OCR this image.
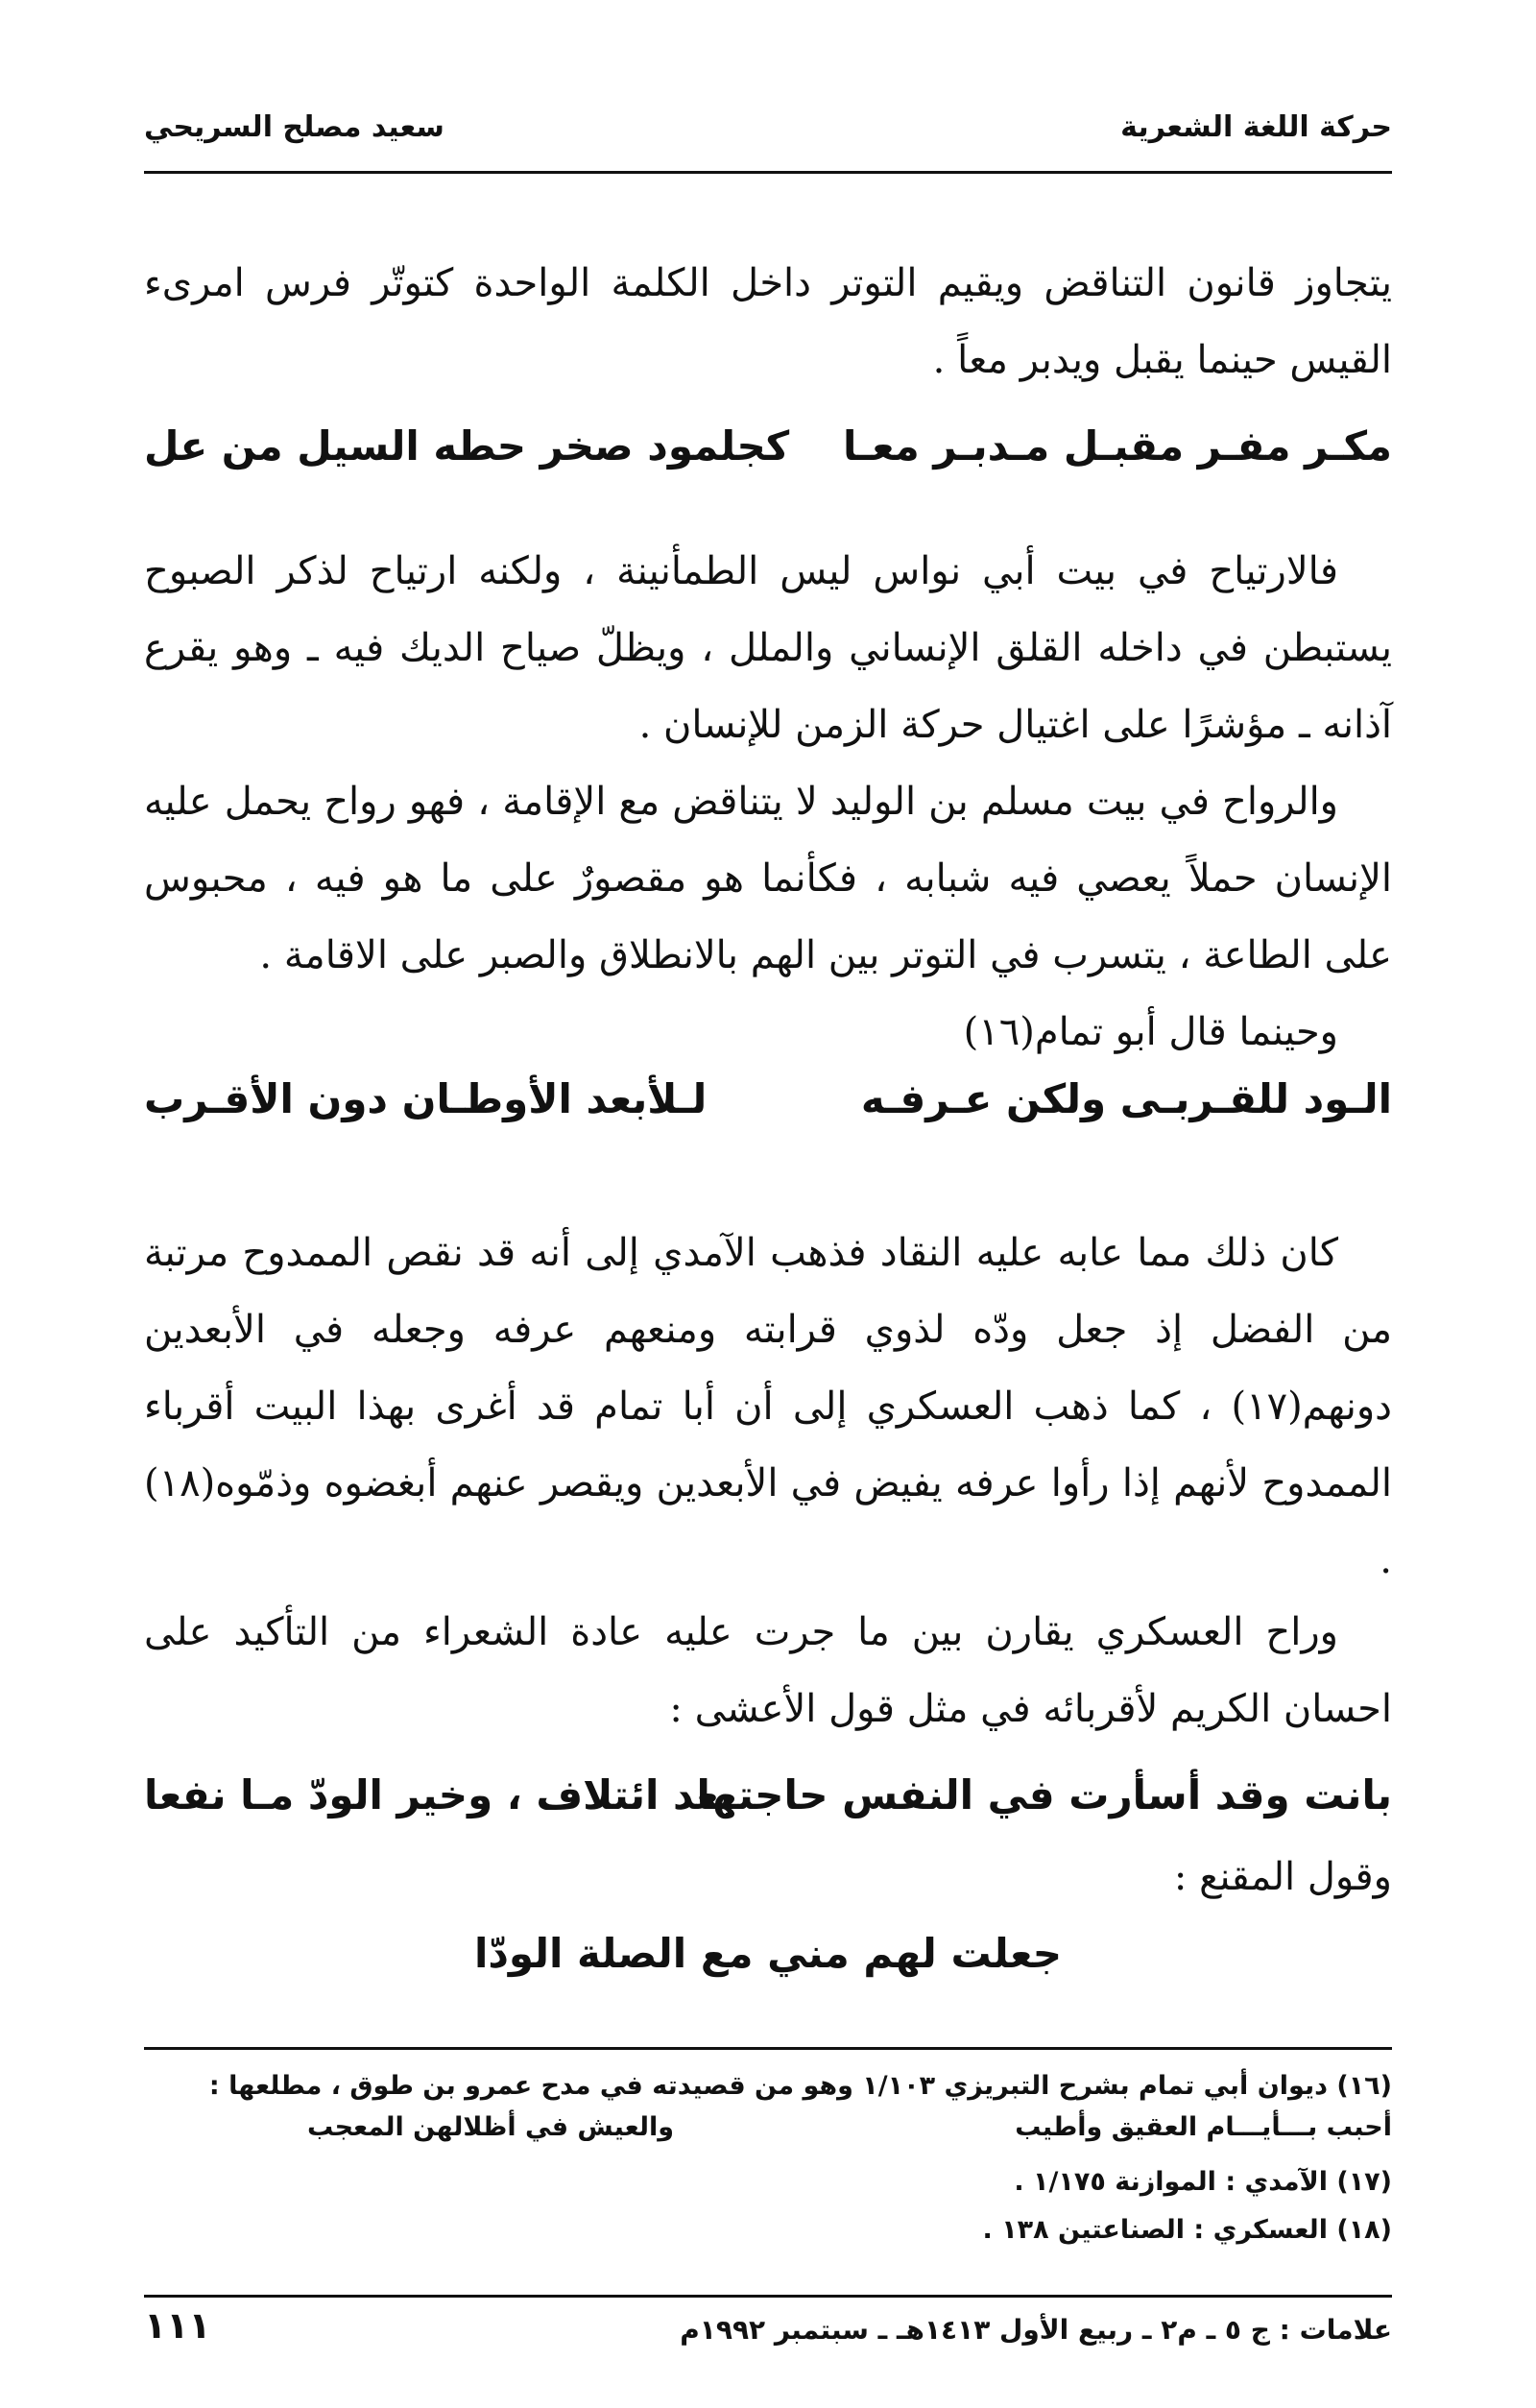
حركة اللغة الشعرية
سعيد مصلح السريحي

يتجاوز قانون التناقض ويقيم التوتر داخل الكلمة الواحدة كتوتّر فرس امرىء القيس حينما يقبل ويدبر معاً .

مكـر مفـر مقبـل مـدبـر معـا
كجلمود صخر حطه السيل من عل

فالارتياح في بيت أبي نواس ليس الطمأنينة ، ولكنه ارتياح لذكر الصبوح يستبطن في داخله القلق الإنساني والملل ، ويظلّ صياح الديك فيه ـ وهو يقرع آذانه ـ مؤشرًا على اغتيال حركة الزمن للإنسان .

والرواح في بيت مسلم بن الوليد لا يتناقض مع الإقامة ، فهو رواح يحمل عليه الإنسان حملاً يعصي فيه شبابه ، فكأنما هو مقصورٌ على ما هو فيه ، محبوس على الطاعة ، يتسرب في التوتر بين الهم بالانطلاق والصبر على الاقامة .

وحينما قال أبو تمام(١٦)

الـود للقـربـى ولكن عـرفـه
لـلأبعد الأوطـان دون الأقـرب

كان ذلك مما عابه عليه النقاد فذهب الآمدي إلى أنه قد نقص الممدوح مرتبة من الفضل إذ جعل ودّه لذوي قرابته ومنعهم عرفه وجعله في الأبعدين دونهم(١٧) ، كما ذهب العسكري إلى أن أبا تمام قد أغرى بهذا البيت أقرباء الممدوح لأنهم إذا رأوا عرفه يفيض في الأبعدين ويقصر عنهم أبغضوه وذمّوه(١٨) .

وراح العسكري يقارن بين ما جرت عليه عادة الشعراء من التأكيد على احسان الكريم لأقربائه في مثل قول الأعشى :

بانت وقد أسأرت في النفس حاجتها
بعد ائتلاف ، وخير الودّ مـا نفعا

وقول المقنع :

جعلت لهم مني مع الصلة الودّا
(١٦) ديوان أبي تمام بشرح التبريزي ١/١٠٣ وهو من قصيدته في مدح عمرو بن طوق ، مطلعها :
أحبب بـــأيـــام العقيق وأطيب
والعيش في أظلالهن المعجب
(١٧) الآمدي : الموازنة ١/١٧٥ .
(١٨) العسكري : الصناعتين ١٣٨ .
علامات : ج ٥ ـ م٢ ـ ربيع الأول ١٤١٣هـ ـ سبتمبر ١٩٩٢م
١١١
